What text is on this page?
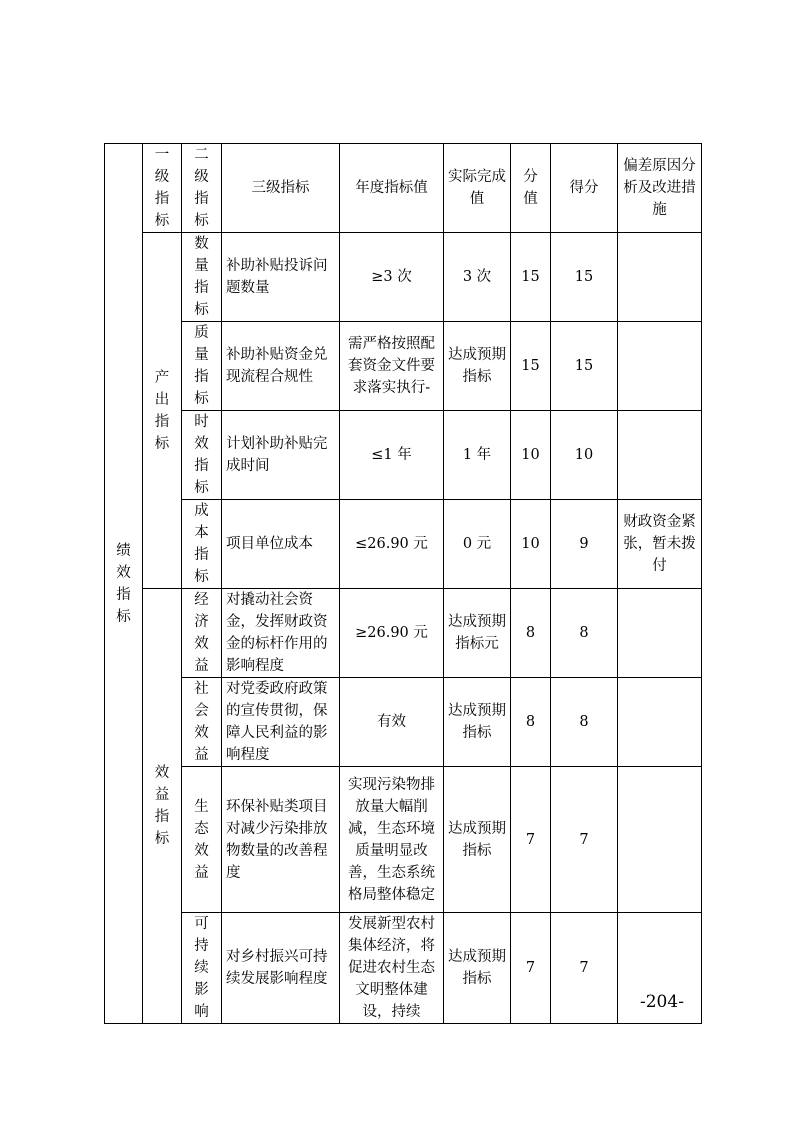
绩效指标	一级指标	二级指标	三级指标	年度指标值	实际完成值	分值	得分	偏差原因分析及改进措施
	产出指标	数量指标	补助补贴投诉问题数量	≥3 次	3 次	15	15	
		质量指标	补助补贴资金兑现流程合规性	需严格按照配套资金文件要求落实执行-	达成预期指标	15	15	
		时效指标	计划补助补贴完成时间	≤1 年	1 年	10	10	
		成本指标	项目单位成本	≤26.90 元	0 元	10	9	财政资金紧张，暂未拨付
	效益指标	经济效益	对撬动社会资金，发挥财政资金的标杆作用的影响程度	≥26.90 元	达成预期指标元	8	8	
		社会效益	对党委政府政策的宣传贯彻，保障人民利益的影响程度	有效	达成预期指标	8	8	
		生态效益	环保补贴类项目对减少污染排放物数量的改善程度	实现污染物排放量大幅削减，生态环境质量明显改善，生态系统格局整体稳定	达成预期指标	7	7	
		可持续影响	对乡村振兴可持续发展影响程度	发展新型农村集体经济，将促进农村生态文明整体建设，持续	达成预期指标	7	7	
-204-
